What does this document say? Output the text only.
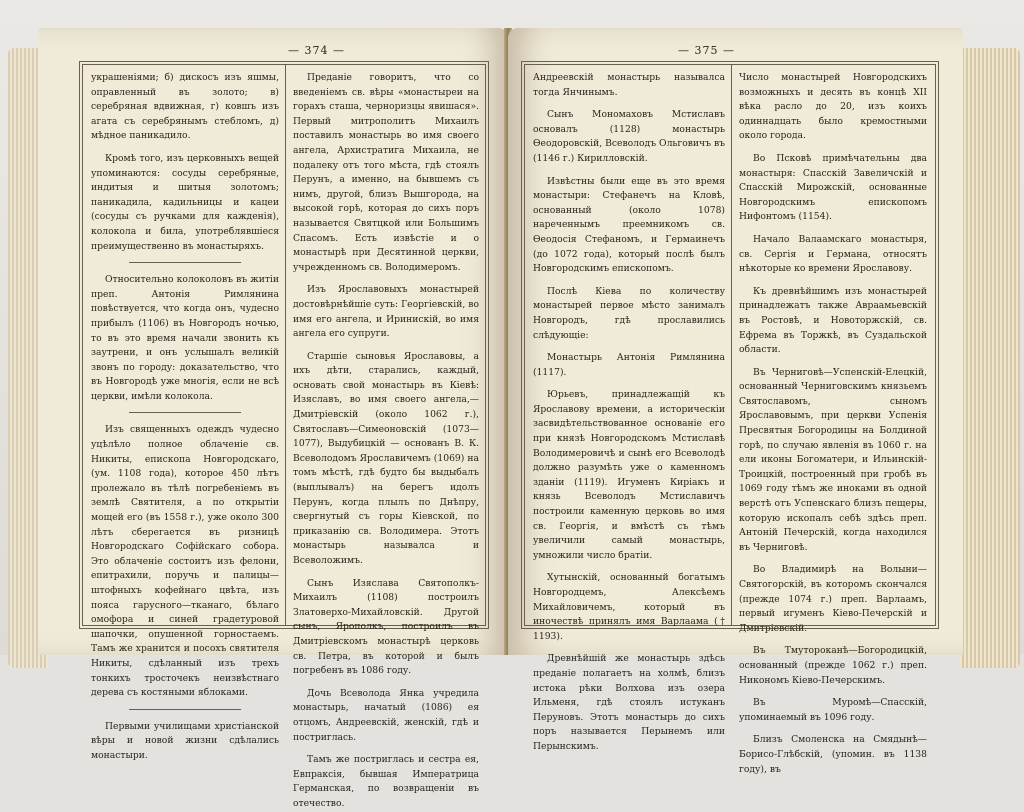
— 374 —

украшенiями; б) дискосъ изъ яшмы, оправленный въ золото; в) серебряная вдвижная, г) ковшъ изъ агата съ серебрянымъ стебломъ, д) мѣдное паникадило.

Кромѣ того, изъ церковныхъ вещей упоминаются: сосуды серебряные, индитыя и шитыя золотомъ; паникадила, кадильницы и кацеи (сосуды съ ручками для кажденія), колокола и била, употреблявшiеся преимущественно въ монастыряхъ.

Относительно колоколовъ въ житiи преп. Антонiя Римлянина повѣствуется, что когда онъ, чудесно прибылъ (1106) въ Новгородъ ночью, то въ это время начали звонить къ заутрени, и онъ услышалъ великiй звонъ по городу: доказательство, что въ Новгородѣ уже многiя, если не всѣ церкви, имѣли колокола.

Изъ священныхъ одеждъ чудесно уцѣлѣло полное облаченiе св. Никиты, епископа Новгородскаго, (ум. 1108 года), которое 450 лѣтъ пролежало въ тѣлѣ погребенiемъ въ землѣ Святителя, а по открытiи мощей его (въ 1558 г.), уже около 300 лѣтъ сберегается въ ризницѣ Новгородскаго Софiйскаго собора. Это облаченiе состоитъ изъ фелони, епитрахили, поручь и палицы—штофныхъ кофейнаго цвѣта, изъ пояса гарусного—тканаго, бѣлаго омофора и синей градетуровой шапочки, опушенной горностаемъ. Тамъ же хранится и посохъ святителя Никиты, сдѣланный изъ трехъ тонкихъ тросточекъ неизвѣстнаго дерева съ костяными яблоками.

Первыми училищами христiанской вѣры и новой жизни сдѣлались монастыри.

Преданiе говоритъ, что со введенiемъ св. вѣры «монастыреи на горахъ сташа, черноризцы явишася». Первый митрополитъ Михаилъ поставилъ монастырь во имя своего ангела, Архистратига Михаила, не подалеку отъ того мѣста, гдѣ стоялъ Перунъ, а именно, на бывшемъ съ нимъ, другой, близъ Вышгорода, на высокой горѣ, которая до сихъ поръ называется Святцкой или Большимъ Спасомъ. Есть извѣстiе и о монастырѣ при Десятинной церкви, учрежденномъ св. Володимеромъ.

Изъ Ярославовыхъ монастырей достовѣрнѣйшiе суть: Георгiевскiй, во имя его ангела, и Иринискiй, во имя ангела его супруги.

Старшiе сыновья Ярославовы, а ихъ дѣти, старались, каждый, основать свой монастырь въ Кiевѣ: Изяславъ, во имя своего ангела,—Дмитрiевскiй (около 1062 г.), Святославъ—Симеоновскiй (1073—1077), Выдубицкiй — основанъ В. К. Всеволодомъ Ярославичемъ (1069) на томъ мѣстѣ, гдѣ будто бы выдыбалъ (выплывалъ) на берегъ идолъ Перунъ, когда плылъ по Днѣпру, свергнутый съ горы Кiевской, по приказанiю св. Володимера. Этотъ монастырь называлса и Всеволожимъ.

Сынъ Изяслава Святополкъ-Михаилъ (1108) построилъ Златоверхо-Михайловскiй. Другой сынъ, Ярополкъ, построилъ въ Дмитрiевскомъ монастырѣ церковь св. Петра, въ которой и былъ погребенъ въ 1086 году.

Дочь Всеволода Янка учредила монастырь, начатый (1086) ея отцомъ, Андреевскiй, женскiй, гдѣ и постриглась.

Тамъ же постриглась и сестра ея, Евпраксiя, бывшая Императрица Германская, по возвращенiи въ отечество.

— 375 —

Андреевскiй монастырь называлса тогда Янчинымъ.

Сынъ Мономаховъ Мстиславъ основалъ (1128) монастырь Ѳеодоровскiй, Всеволодъ Ольговичъ въ (1146 г.) Кирилловскiй.

Извѣстны были еще въ это время монастыри: Стефанечъ на Кловѣ, основанный (около 1078) нареченнымъ преемникомъ св. Ѳеодосiя Стефаномъ, и Гермаинечъ (до 1072 года), который послѣ былъ Новгородскимъ епископомъ.

Послѣ Кiева по количеству монастырей первое мѣсто занималъ Новгородъ, гдѣ прославились слѣдующiе:

Монастырь Антонiя Римлянина (1117).

Юрьевъ, принадлежащiй къ Ярославову времени, а историческiи засвидѣтельствованное основанiе его при князѣ Новгородскомъ Мстиславѣ Володимеровичѣ и сынѣ его Всеволодѣ должно разумѣть уже о каменномъ зданiи (1119). Игуменъ Кирiакъ и князь Всеволодъ Мстиславичъ построили каменную церковь во имя св. Георгiя, и вмѣстѣ съ тѣмъ увеличили самый монастырь, умножили число братiи.

Хутынскiй, основанный богатымъ Новгородцемъ, Алексѣемъ Михайловичемъ, который въ иночествѣ принялъ имя Варлаама († 1193).

Древнѣйшiй же монастырь здѣсь преданiе полагаетъ на холмѣ, близъ истока рѣки Волхова изъ озера Ильменя, гдѣ стоялъ истуканъ Перуновъ. Этотъ монастырь до сихъ поръ называется Перынемъ или Перынскимъ.

Число монастырей Новгородскихъ возможныхъ и десять въ концѣ XII вѣка расло до 20, изъ коихъ одиннадцать было кремостными около города.

Во Псковѣ примѣчательны два монастыря: Спасскiй Завеличскiй и Спасскiй Мирожскiй, основанные Новгородскимъ епископомъ Нифонтомъ (1154).

Начало Валаамскаго монастыря, св. Сергiя и Германа, относятъ нѣкоторые ко времени Ярославову.

Къ древнѣйшимъ изъ монастырей принадлежатъ также Авраамьевскiй въ Ростовѣ, и Новоторжскiй, св. Ефрема въ Торжкѣ, въ Суздальской области.

Въ Черниговѣ—Успенскiй-Елецкiй, основанный Черниговскимъ князьемъ Святославомъ, сыномъ Ярославовымъ, при церкви Успенiя Пресвятыя Богородицы на Болдиной горѣ, по случаю явленiя въ 1060 г. на ели иконы Богоматери, и Ильинскiй-Троицкiй, построенный при гробѣ въ 1069 году тѣмъ же иноками въ одной верстѣ отъ Успенскаго близъ пещеры, которую ископалъ себѣ здѣсь преп. Антонiй Печерскiй, когда находился въ Черниговѣ.

Во Владимирѣ на Волыни—Святогорскiй, въ которомъ скончался (прежде 1074 г.) преп. Варлаамъ, первый игуменъ Кiево-Печерскiй и Дмитрiевскiй.

Въ Тмутороканѣ—Богородицкiй, основанный (прежде 1062 г.) преп. Никономъ Кiево-Печерскимъ.

Въ Муромѣ—Спасскiй, упоминаемый въ 1096 году.

Близъ Смоленска на Смядынѣ—Борисо-Глѣбскiй, (упомин. въ 1138 году), въ
